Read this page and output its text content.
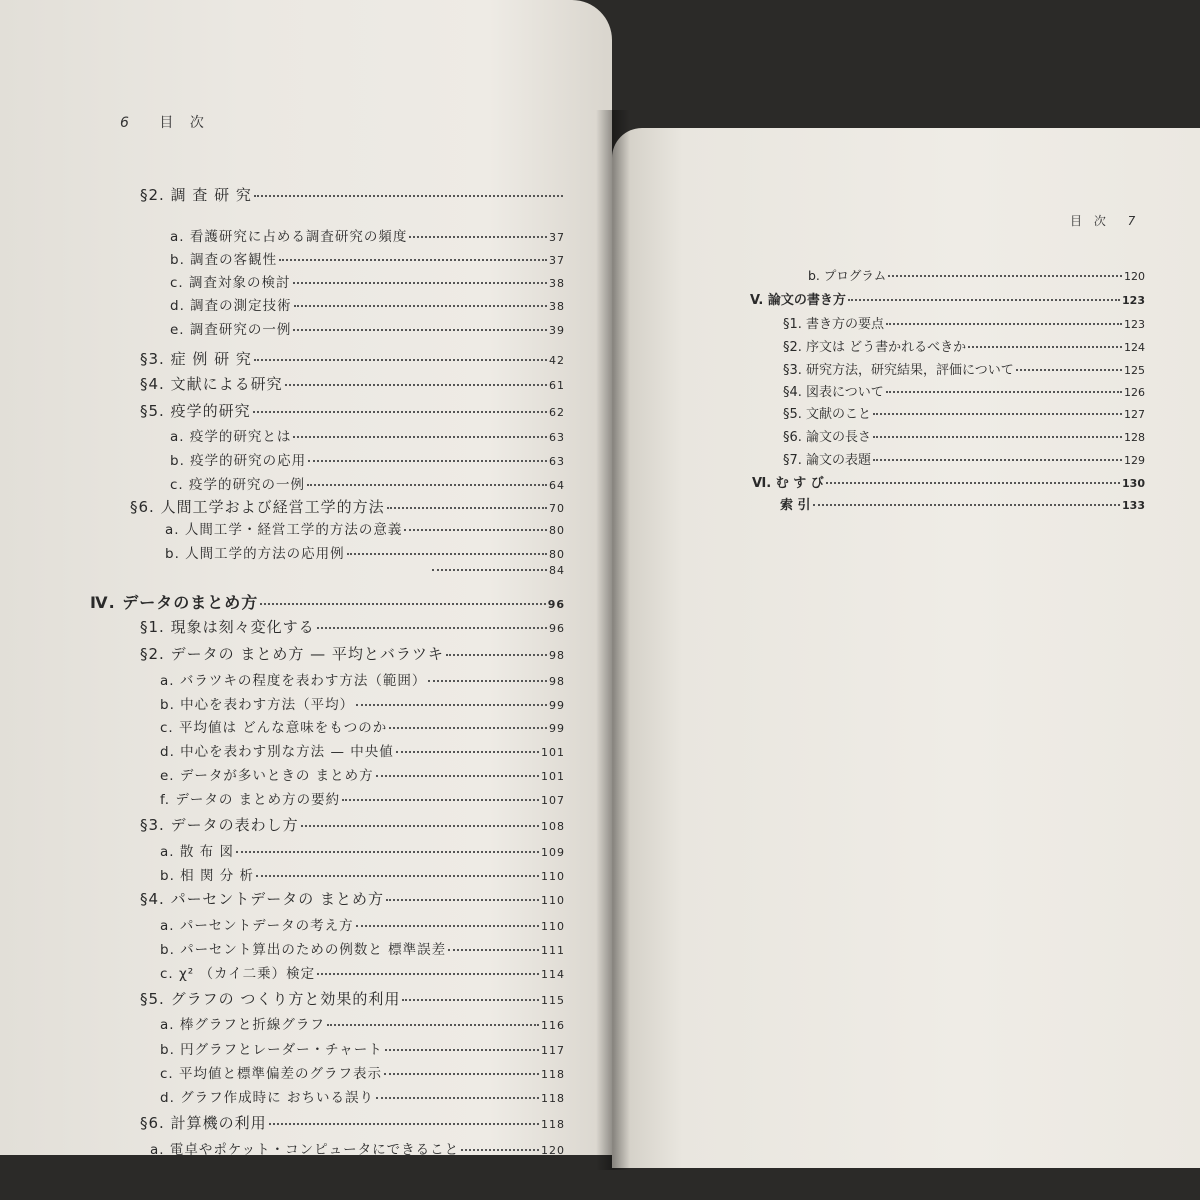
6 目 次
目 次 7
§2. 調 査 研 究
a. 看護研究に占める調査研究の頻度	37
b. 調査の客観性	37
c. 調査対象の検討	38
d. 調査の測定技術	38
e. 調査研究の一例	39
§3. 症 例 研 究	42
§4. 文献による研究	61
§5. 疫学的研究	62
a. 疫学的研究とは	63
b. 疫学的研究の応用	63
c. 疫学的研究の一例	64
§6. 人間工学および経営工学的方法	70
a. 人間工学・経営工学的方法の意義	80
b. 人間工学的方法の応用例	80
84
Ⅳ. データのまとめ方	96
§1. 現象は刻々変化する	96
§2. データの まとめ方 — 平均とバラツキ	98
a. バラツキの程度を表わす方法（範囲）	98
b. 中心を表わす方法（平均）	99
c. 平均値は どんな意味をもつのか	99
d. 中心を表わす別な方法 — 中央値	101
e. データが多いときの まとめ方	101
f. データの まとめ方の要約	107
§3. データの表わし方	108
a. 散 布 図	109
b. 相 関 分 析	110
§4. パーセントデータの まとめ方	110
a. パーセントデータの考え方	110
b. パーセント算出のための例数と 標準誤差	111
c. χ² （カイ二乗）検定	114
§5. グラフの つくり方と効果的利用	115
a. 棒グラフと折線グラフ	116
b. 円グラフとレーダー・チャート	117
c. 平均値と標準偏差のグラフ表示	118
d. グラフ作成時に おちいる誤り	118
§6. 計算機の利用	118
a. 電卓やポケット・コンピュータにできること	120
b. プログラム	120
V. 論文の書き方	123
§1. 書き方の要点	123
§2. 序文は どう書かれるべきか	124
§3. 研究方法，研究結果，評価について	125
§4. 図表について	126
§5. 文献のこと	127
§6. 論文の長さ	128
§7. 論文の表題	129
Ⅵ. む す び	130
索 引	133
